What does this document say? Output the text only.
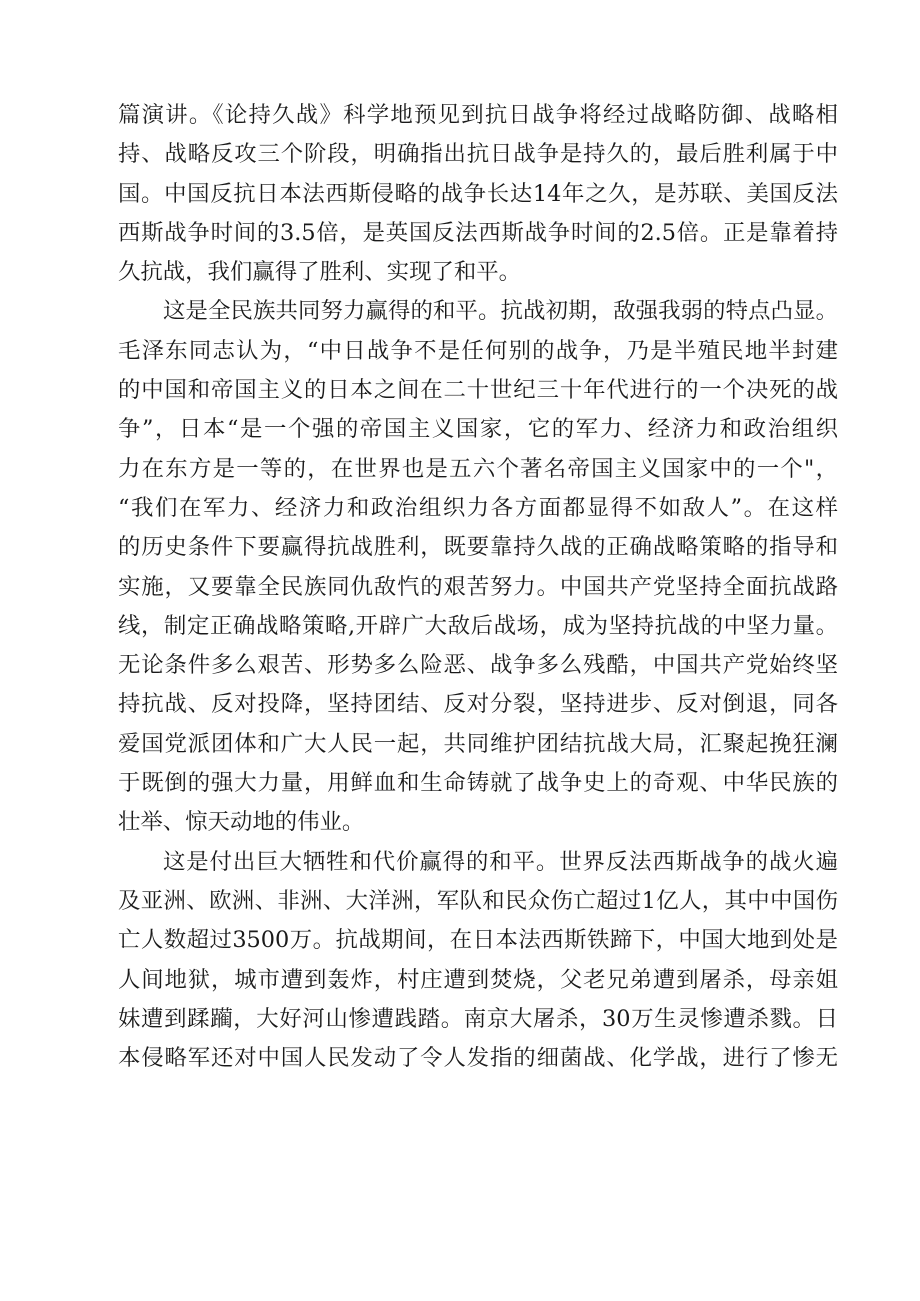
篇演讲。《论持久战》科学地预见到抗日战争将经过战略防御、战略相
持、战略反攻三个阶段，明确指出抗日战争是持久的，最后胜利属于中
国。中国反抗日本法西斯侵略的战争长达14年之久，是苏联、美国反法
西斯战争时间的3.5倍，是英国反法西斯战争时间的2.5倍。正是靠着持
久抗战，我们赢得了胜利、实现了和平。
这是全民族共同努力赢得的和平。抗战初期，敌强我弱的特点凸显。
毛泽东同志认为，“中日战争不是任何别的战争，乃是半殖民地半封建
的中国和帝国主义的日本之间在二十世纪三十年代进行的一个决死的战
争”，日本“是一个强的帝国主义国家，它的军力、经济力和政治组织
力在东方是一等的，在世界也是五六个著名帝国主义国家中的一个"，
“我们在军力、经济力和政治组织力各方面都显得不如敌人”。在这样
的历史条件下要赢得抗战胜利，既要靠持久战的正确战略策略的指导和
实施，又要靠全民族同仇敌忾的艰苦努力。中国共产党坚持全面抗战路
线，制定正确战略策略,开辟广大敌后战场，成为坚持抗战的中坚力量。
无论条件多么艰苦、形势多么险恶、战争多么残酷，中国共产党始终坚
持抗战、反对投降，坚持团结、反对分裂，坚持进步、反对倒退，同各
爱国党派团体和广大人民一起，共同维护团结抗战大局，汇聚起挽狂澜
于既倒的强大力量，用鲜血和生命铸就了战争史上的奇观、中华民族的
壮举、惊天动地的伟业。
这是付出巨大牺牲和代价赢得的和平。世界反法西斯战争的战火遍
及亚洲、欧洲、非洲、大洋洲，军队和民众伤亡超过1亿人，其中中国伤
亡人数超过3500万。抗战期间，在日本法西斯铁蹄下，中国大地到处是
人间地狱，城市遭到轰炸，村庄遭到焚烧，父老兄弟遭到屠杀，母亲姐
妹遭到蹂躏，大好河山惨遭践踏。南京大屠杀，30万生灵惨遭杀戮。日
本侵略军还对中国人民发动了令人发指的细菌战、化学战，进行了惨无
